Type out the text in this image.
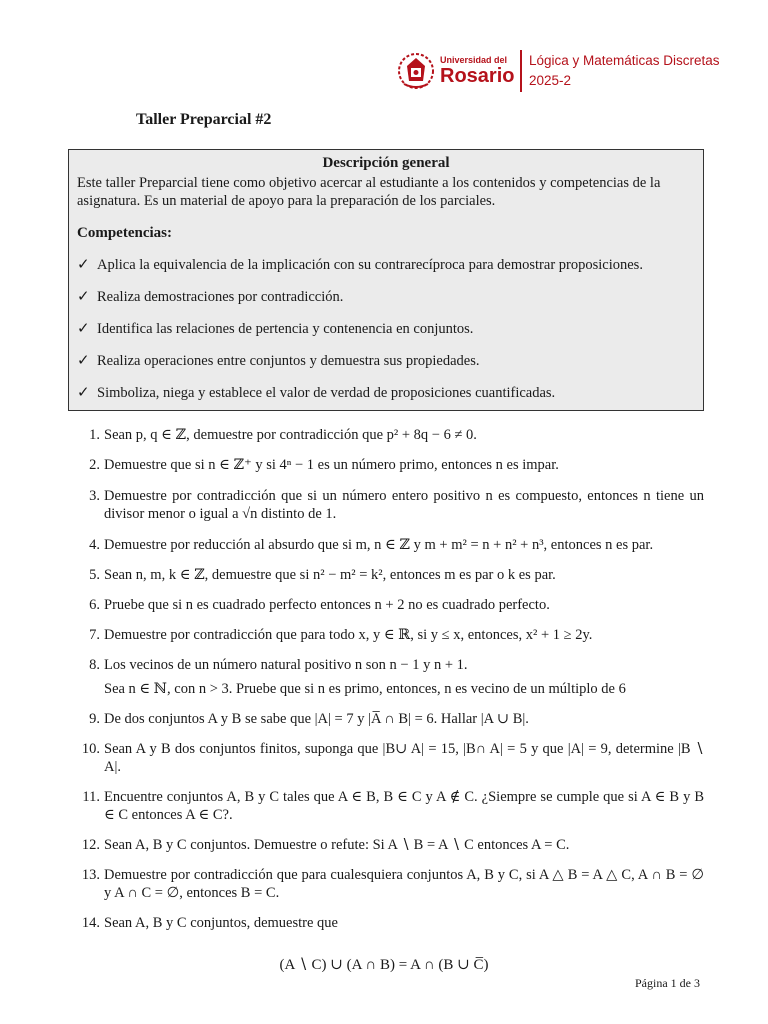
Universidad del
Rosario
Lógica y Matemáticas Discretas
2025-2
Taller Preparcial #2
Descripción general
Este taller Preparcial tiene como objetivo acercar al estudiante a los contenidos y competencias de la asignatura. Es un material de apoyo para la preparación de los parciales.
Competencias:
✓ Aplica la equivalencia de la implicación con su contrarecíproca para demostrar proposiciones.
✓ Realiza demostraciones por contradicción.
✓ Identifica las relaciones de pertencia y contenencia en conjuntos.
✓ Realiza operaciones entre conjuntos y demuestra sus propiedades.
✓ Simboliza, niega y establece el valor de verdad de proposiciones cuantificadas.
1. Sean p, q ∈ ℤ, demuestre por contradicción que p² + 8q − 6 ≠ 0.
2. Demuestre que si n ∈ ℤ⁺ y si 4ⁿ − 1 es un número primo, entonces n es impar.
3. Demuestre por contradicción que si un número entero positivo n es compuesto, entonces n tiene un divisor menor o igual a √n distinto de 1.
4. Demuestre por reducción al absurdo que si m, n ∈ ℤ y m + m² = n + n² + n³, entonces n es par.
5. Sean n, m, k ∈ ℤ, demuestre que si n² − m² = k², entonces m es par o k es par.
6. Pruebe que si n es cuadrado perfecto entonces n + 2 no es cuadrado perfecto.
7. Demuestre por contradicción que para todo x, y ∈ ℝ, si y ≤ x, entonces, x² + 1 ≥ 2y.
8. Los vecinos de un número natural positivo n son n − 1 y n + 1.
Sea n ∈ ℕ, con n > 3. Pruebe que si n es primo, entonces, n es vecino de un múltiplo de 6
9. De dos conjuntos A y B se sabe que |A| = 7 y |A̅ ∩ B| = 6. Hallar |A ∪ B|.
10. Sean A y B dos conjuntos finitos, suponga que |B∪ A| = 15, |B∩ A| = 5 y que |A| = 9, determine |B ∖ A|.
11. Encuentre conjuntos A, B y C tales que A ∈ B, B ∈ C y A ∉ C. ¿Siempre se cumple que si A ∈ B y B ∈ C entonces A ∈ C?.
12. Sean A, B y C conjuntos. Demuestre o refute: Si A ∖ B = A ∖ C entonces A = C.
13. Demuestre por contradicción que para cualesquiera conjuntos A, B y C, si A △ B = A △ C, A ∩ B = ∅ y A ∩ C = ∅, entonces B = C.
14. Sean A, B y C conjuntos, demuestre que
(A ∖ C) ∪ (A ∩ B) = A ∩ (B ∪ C̅)
Página 1 de 3
